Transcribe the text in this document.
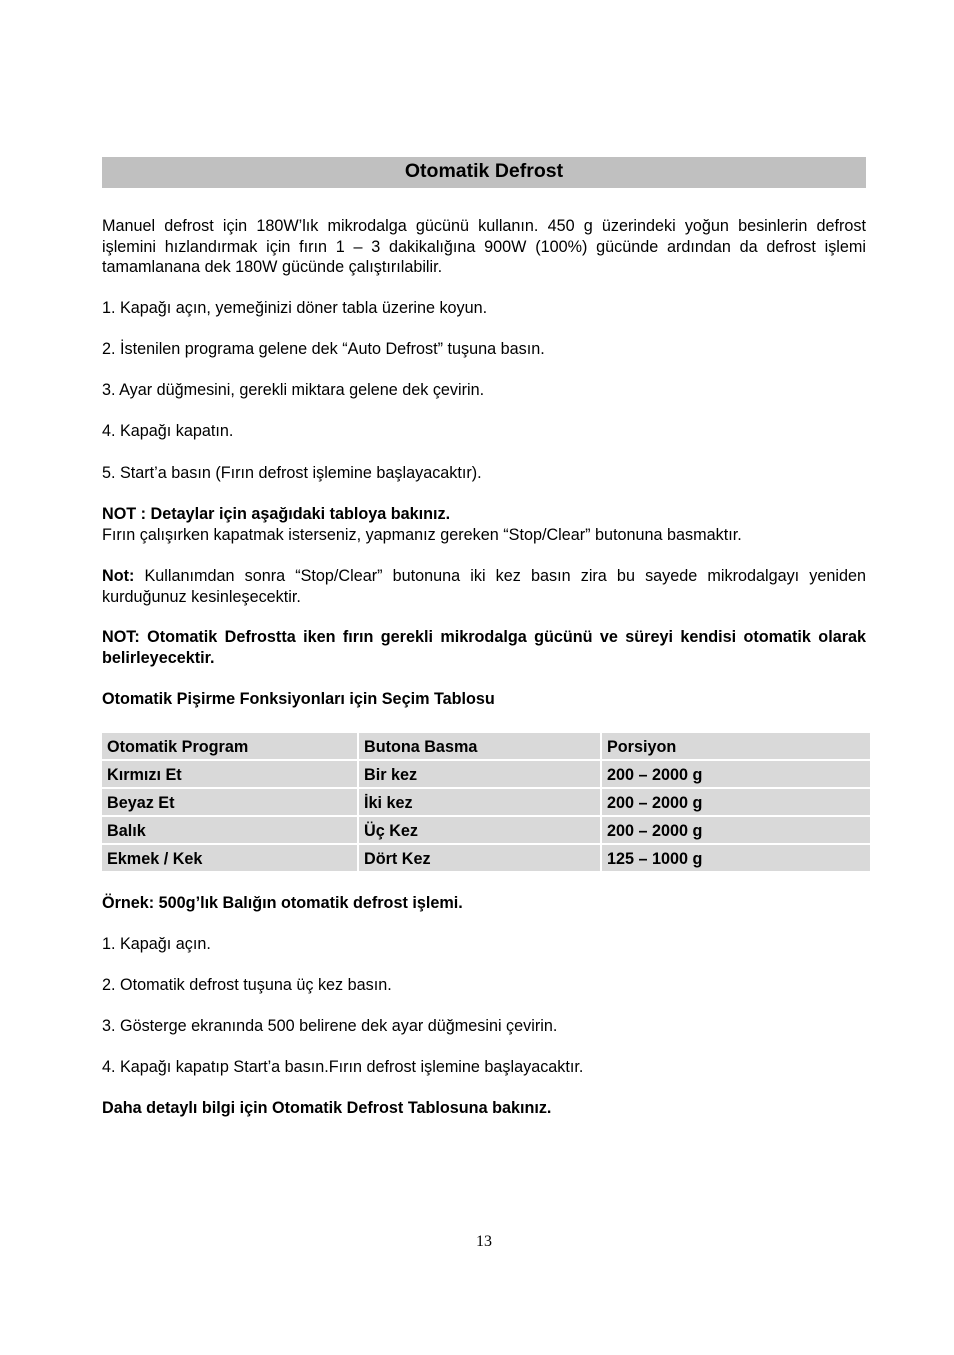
Otomatik Defrost

Manuel defrost için 180W’lık mikrodalga gücünü kullanın. 450 g üzerindeki yoğun besinlerin defrost işlemini hızlandırmak için fırın 1 – 3 dakikalığına 900W (100%) gücünde ardından da defrost işlemi tamamlanana dek 180W gücünde çalıştırılabilir.

1. Kapağı açın, yemeğinizi döner tabla üzerine koyun.

2. İstenilen programa gelene dek “Auto Defrost” tuşuna basın.

3. Ayar düğmesini, gerekli miktara gelene dek çevirin.

4. Kapağı kapatın.

5. Start’a basın (Fırın defrost işlemine başlayacaktır).

NOT : Detaylar için aşağıdaki tabloya bakınız.
Fırın çalışırken kapatmak isterseniz, yapmanız gereken “Stop/Clear” butonuna basmaktır.

Not: Kullanımdan sonra “Stop/Clear” butonuna iki kez basın zira bu sayede mikrodalgayı yeniden kurduğunuz kesinleşecektir.

NOT: Otomatik Defrostta iken fırın gerekli mikrodalga gücünü ve süreyi kendisi otomatik olarak belirleyecektir.

Otomatik Pişirme Fonksiyonları için Seçim Tablosu

Otomatik Program	Butona Basma	Porsiyon
Kırmızı Et	Bir kez	200 – 2000 g
Beyaz Et	İki kez	200 – 2000 g
Balık	Üç Kez	200 – 2000 g
Ekmek / Kek	Dört Kez	125 – 1000 g

Örnek: 500g’lık Balığın otomatik defrost işlemi.

1. Kapağı açın.

2. Otomatik defrost tuşuna üç kez basın.

3. Gösterge ekranında 500 belirene dek ayar düğmesini çevirin.

4. Kapağı kapatıp Start’a basın.Fırın defrost işlemine başlayacaktır.

Daha detaylı bilgi için Otomatik Defrost Tablosuna bakınız.

13
